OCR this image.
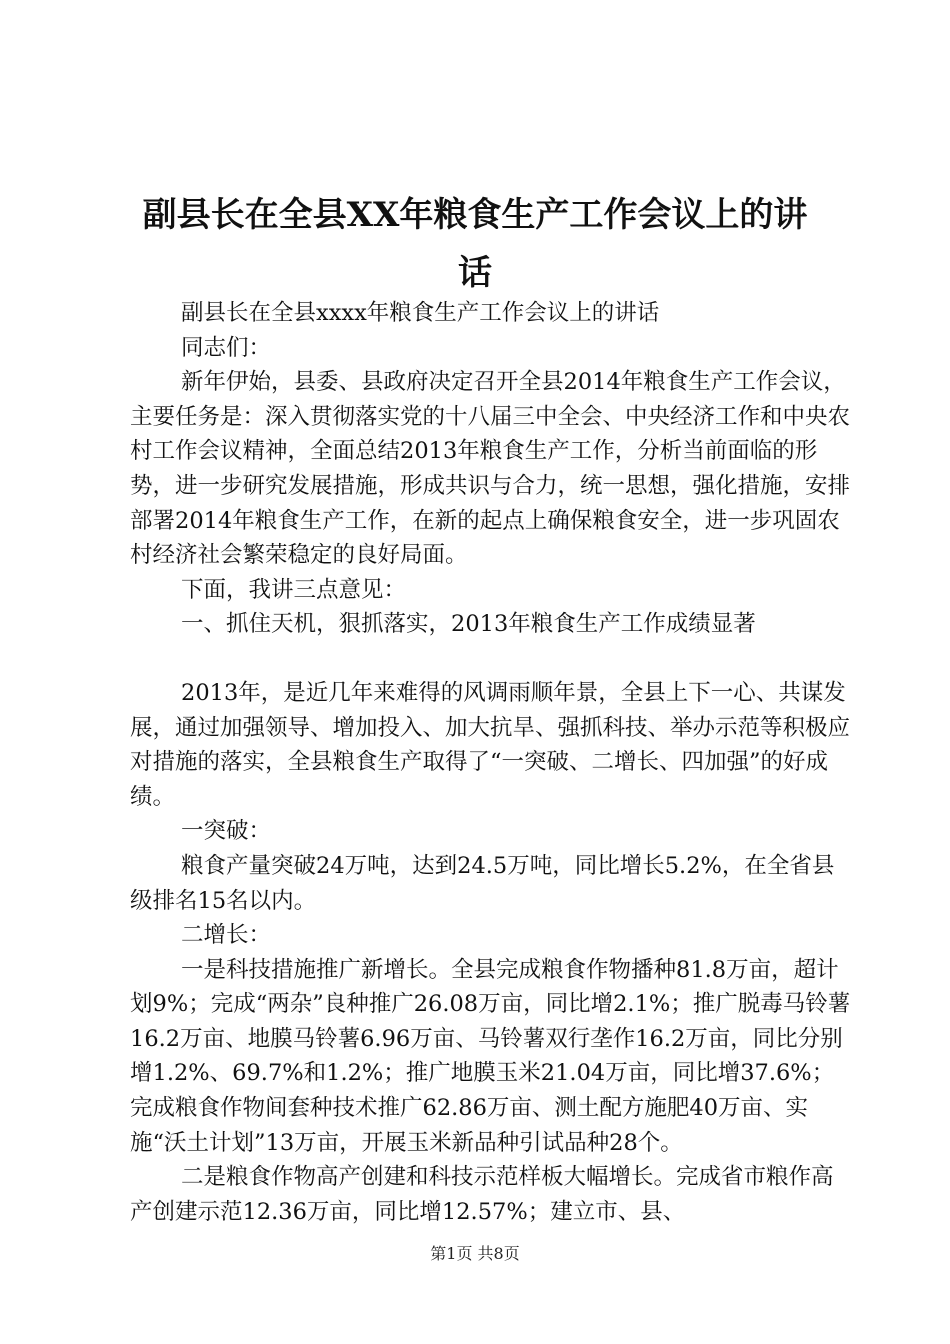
副县长在全县XX年粮食生产工作会议上的讲
话

副县长在全县xxxx年粮食生产工作会议上的讲话

同志们：

新年伊始，县委、县政府决定召开全县2014年粮食生产工作会议，主要任务是：深入贯彻落实党的十八届三中全会、中央经济工作和中央农村工作会议精神，全面总结2013年粮食生产工作，分析当前面临的形势，进一步研究发展措施，形成共识与合力，统一思想，强化措施，安排部署2014年粮食生产工作，在新的起点上确保粮食安全，进一步巩固农村经济社会繁荣稳定的良好局面。

下面，我讲三点意见：

一、抓住天机，狠抓落实，2013年粮食生产工作成绩显著

2013年，是近几年来难得的风调雨顺年景，全县上下一心、共谋发展，通过加强领导、增加投入、加大抗旱、强抓科技、举办示范等积极应对措施的落实，全县粮食生产取得了“一突破、二增长、四加强”的好成绩。

一突破：

粮食产量突破24万吨，达到24.5万吨，同比增长5.2%，在全省县级排名15名以内。

二增长：

一是科技措施推广新增长。全县完成粮食作物播种81.8万亩，超计划9%；完成“两杂”良种推广26.08万亩，同比增2.1%；推广脱毒马铃薯16.2万亩、地膜马铃薯6.96万亩、马铃薯双行垄作16.2万亩，同比分别增1.2%、69.7%和1.2%；推广地膜玉米21.04万亩，同比增37.6%；完成粮食作物间套种技术推广62.86万亩、测土配方施肥40万亩、实施“沃土计划”13万亩，开展玉米新品种引试品种28个。

二是粮食作物高产创建和科技示范样板大幅增长。完成省市粮作高产创建示范12.36万亩，同比增12.57%；建立市、县、

第1页 共8页
